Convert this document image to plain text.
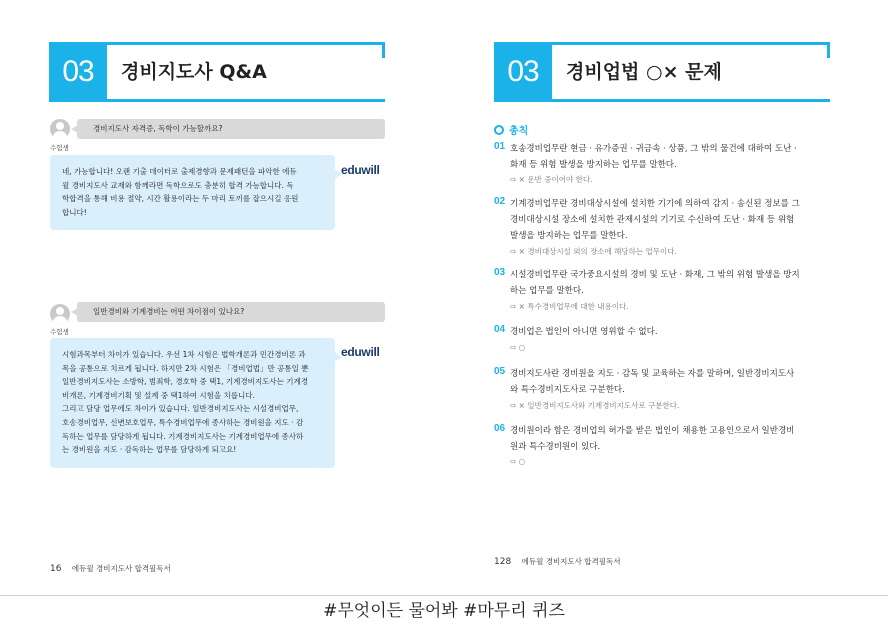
03	경비지도사 Q&A
수험생
경비지도사 자격증, 독학이 가능할까요?
eduwill
네, 가능합니다! 오랜 기출 데이터로 출제경향과 문제패턴을 파악한 에듀
윌 경비지도사 교재와 함께라면 독학으로도 충분히 합격 가능합니다. 독
학합격을 통해 비용 절약, 시간 활용이라는 두 마리 토끼를 잡으시길 응원
합니다!
수험생
일반경비와 기계경비는 어떤 차이점이 있나요?
eduwill
시험과목부터 차이가 있습니다. 우선 1차 시험은 법학개론과 민간경비론 과
목을 공통으로 치르게 됩니다. 하지만 2차 시험은 「경비업법」만 공통일 뿐
일반경비지도사는 소방학, 범죄학, 경호학 중 택1, 기계경비지도사는 기계경
비개론, 기계경비기획 및 설계 중 택1하여 시험을 치릅니다.
그리고 담당 업무에도 차이가 있습니다. 일반경비지도사는 시설경비업무,
호송경비업무, 신변보호업무, 특수경비업무에 종사하는 경비원을 지도 · 감
독하는 업무를 담당하게 됩니다. 기계경비지도사는 기계경비업무에 종사하
는 경비원을 지도 · 감독하는 업무를 담당하게 되고요!
16 에듀윌 경비지도사 합격필독서
03	경비업법 ○× 문제
총칙
01 호송경비업무란 현금 · 유가증권 · 귀금속 · 상품, 그 밖의 물건에 대하여 도난 ·
화재 등 위험 발생을 방지하는 업무를 말한다.
⇨ × 운반 중이어야 한다.
02 기계경비업무란 경비대상시설에 설치한 기기에 의하여 감지 · 송신된 정보를 그
경비대상시설 장소에 설치한 관제시설의 기기로 수신하여 도난 · 화재 등 위험
발생을 방지하는 업무를 말한다.
⇨ × 경비대상시설 외의 장소에 해당하는 업무이다.
03 시설경비업무란 국가중요시설의 경비 및 도난 · 화재, 그 밖의 위험 발생을 방지
하는 업무를 말한다.
⇨ × 특수경비업무에 대한 내용이다.
04 경비업은 법인이 아니면 영위할 수 없다.
⇨ ○
05 경비지도사란 경비원을 지도 · 감독 및 교육하는 자를 말하며, 일반경비지도사
와 특수경비지도사로 구분한다.
⇨ × 일반경비지도사와 기계경비지도사로 구분한다.
06 경비원이라 함은 경비업의 허가를 받은 법인이 채용한 고용인으로서 일반경비
원과 특수경비원이 있다.
⇨ ○
128 에듀윌 경비지도사 합격필독서
#무엇이든 물어봐 #마무리 퀴즈
